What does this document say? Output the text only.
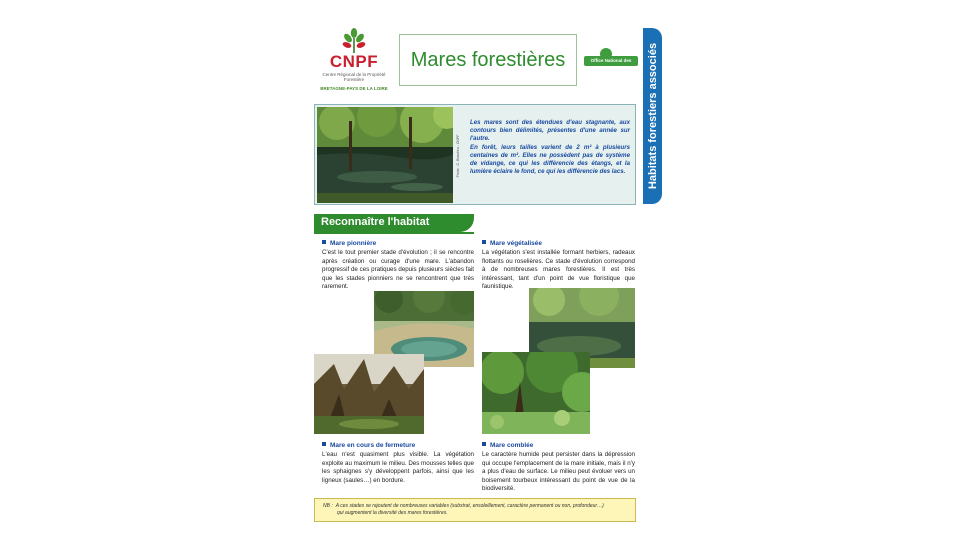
CNPF
Centre Régional de la Propriété Forestière
BRETAGNE-PAYS DE LA LOIRE
Mares forestières	Office National des Forêts	Habitats forestiers associés
Photo : C. Beaulieu - CNPF

Les mares sont des étendues d'eau stagnante, aux contours bien délimités, présentes d'une année sur l'autre.

En forêt, leurs tailles varient de 2 m² à plusieurs centaines de m². Elles ne possèdent pas de système de vidange, ce qui les différencie des étangs, et la lumière éclaire le fond, ce qui les différencie des lacs.

Reconnaître l'habitat
Mare pionnière
C'est le tout premier stade d'évolution ; il se rencontre après création ou curage d'une mare. L'abandon progressif de ces pratiques depuis plusieurs siècles fait que les stades pionniers ne se rencontrent que très rarement.
Mare végétalisée
La végétation s'est installée formant herbiers, radeaux flottants ou roselières. Ce stade d'évolution correspond à de nombreuses mares forestières. Il est très intéressant, tant d'un point de vue floristique que faunistique.
Mare en cours de fermeture
L'eau n'est quasiment plus visible. La végétation exploite au maximum le milieu. Des mousses telles que les sphaignes s'y développent parfois, ainsi que les ligneux (saules…) en bordure.
Mare comblée
Le caractère humide peut persister dans la dépression qui occupe l'emplacement de la mare initiale, mais il n'y a plus d'eau de surface. Le milieu peut évoluer vers un boisement tourbeux intéressant du point de vue de la biodiversité.
NB : A ces stades se rajoutent de nombreuses variables (substrat, ensoleillement, caractère permanent ou non, profondeur…)
qui augmentent la diversité des mares forestières.
